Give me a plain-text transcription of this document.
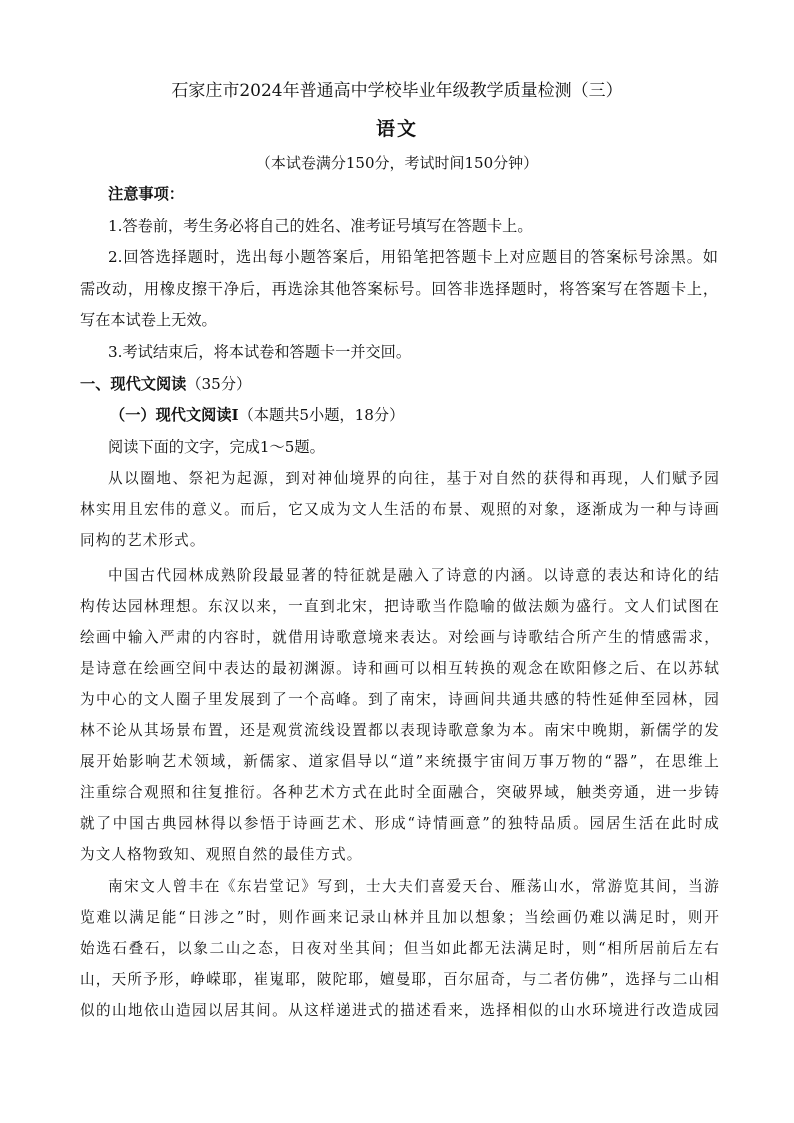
石家庄市2024年普通高中学校毕业年级教学质量检测（三）
语文
（本试卷满分150分，考试时间150分钟）
注意事项：
1.答卷前，考生务必将自己的姓名、准考证号填写在答题卡上。
2.回答选择题时，选出每小题答案后，用铅笔把答题卡上对应题目的答案标号涂黑。如
需改动，用橡皮擦干净后，再选涂其他答案标号。回答非选择题时，将答案写在答题卡上，
写在本试卷上无效。
3.考试结束后，将本试卷和答题卡一并交回。
一、现代文阅读（35分）
（一）现代文阅读Ⅰ（本题共5小题，18分）
阅读下面的文字，完成1～5题。
从以圈地、祭祀为起源，到对神仙境界的向往，基于对自然的获得和再现，人们赋予园
林实用且宏伟的意义。而后，它又成为文人生活的布景、观照的对象，逐渐成为一种与诗画
同构的艺术形式。
中国古代园林成熟阶段最显著的特征就是融入了诗意的内涵。以诗意的表达和诗化的结
构传达园林理想。东汉以来，一直到北宋，把诗歌当作隐喻的做法颇为盛行。文人们试图在
绘画中输入严肃的内容时，就借用诗歌意境来表达。对绘画与诗歌结合所产生的情感需求，
是诗意在绘画空间中表达的最初渊源。诗和画可以相互转换的观念在欧阳修之后、在以苏轼
为中心的文人圈子里发展到了一个高峰。到了南宋，诗画间共通共感的特性延伸至园林，园
林不论从其场景布置，还是观赏流线设置都以表现诗歌意象为本。南宋中晚期，新儒学的发
展开始影响艺术领域，新儒家、道家倡导以“道”来统摄宇宙间万事万物的“器”，在思维上
注重综合观照和往复推衍。各种艺术方式在此时全面融合，突破界域，触类旁通，进一步铸
就了中国古典园林得以参悟于诗画艺术、形成“诗情画意”的独特品质。园居生活在此时成
为文人格物致知、观照自然的最佳方式。
南宋文人曾丰在《东岩堂记》写到，士大夫们喜爱天台、雁荡山水，常游览其间，当游
览难以满足能“日涉之”时，则作画来记录山林并且加以想象；当绘画仍难以满足时，则开
始选石叠石，以象二山之态，日夜对坐其间；但当如此都无法满足时，则“相所居前后左右
山，天所予形，峥嵘耶，崔嵬耶，陂陀耶，嬗曼耶，百尔屈奇，与二者仿佛”，选择与二山相
似的山地依山造园以居其间。从这样递进式的描述看来，选择相似的山水环境进行改造成园
